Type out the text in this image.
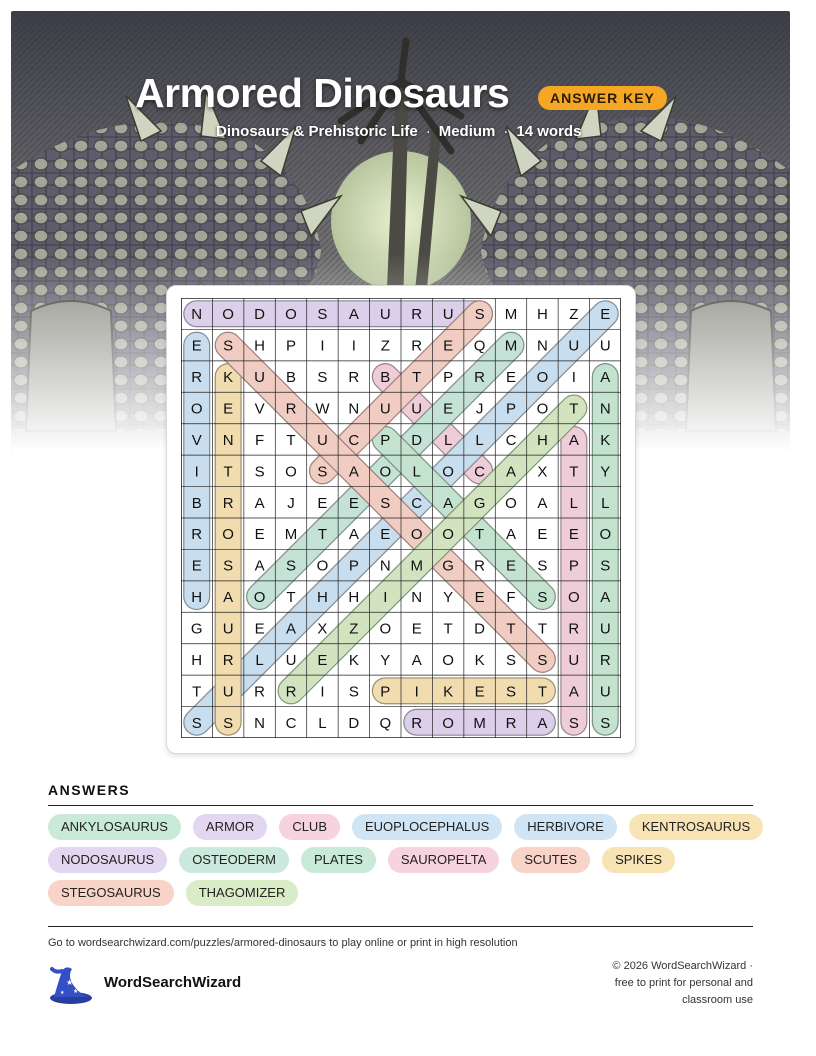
Armored Dinosaurs	ANSWER KEY
Dinosaurs & Prehistoric Life · Medium · 14 words
N O D O S A U R U S M H Z E
E S H P I I Z R E Q M N U U
R K U B S R B T P R E O I A
O E V R W N U U E J P O T N
V N F T U C P D L L C H A K
I T S O S A O L O C A X T Y
B R A J E E S C A G O A L L
R O E M T A E O O T A E E O
E S A S O P N M G R E S P S
H A O T H H I N Y E F S O A
G U E A X Z O E T D T T R U
H R L U E K Y A O K S S U R
T U R R I S P I K E S T A U
S S N C L D Q R O M R A S S
ANSWERS
ANKYLOSAURUS	ARMOR	CLUB	EUOPLOCEPHALUS	HERBIVORE	KENTROSAURUS
NODOSAURUS	OSTEODERM	PLATES	SAUROPELTA	SCUTES	SPIKES
STEGOSAURUS	THAGOMIZER
Go to wordsearchwizard.com/puzzles/armored-dinosaurs to play online or print in high resolution
★
★
★
WordSearchWizard
© 2026 WordSearchWizard ·
free to print for personal and
classroom use
